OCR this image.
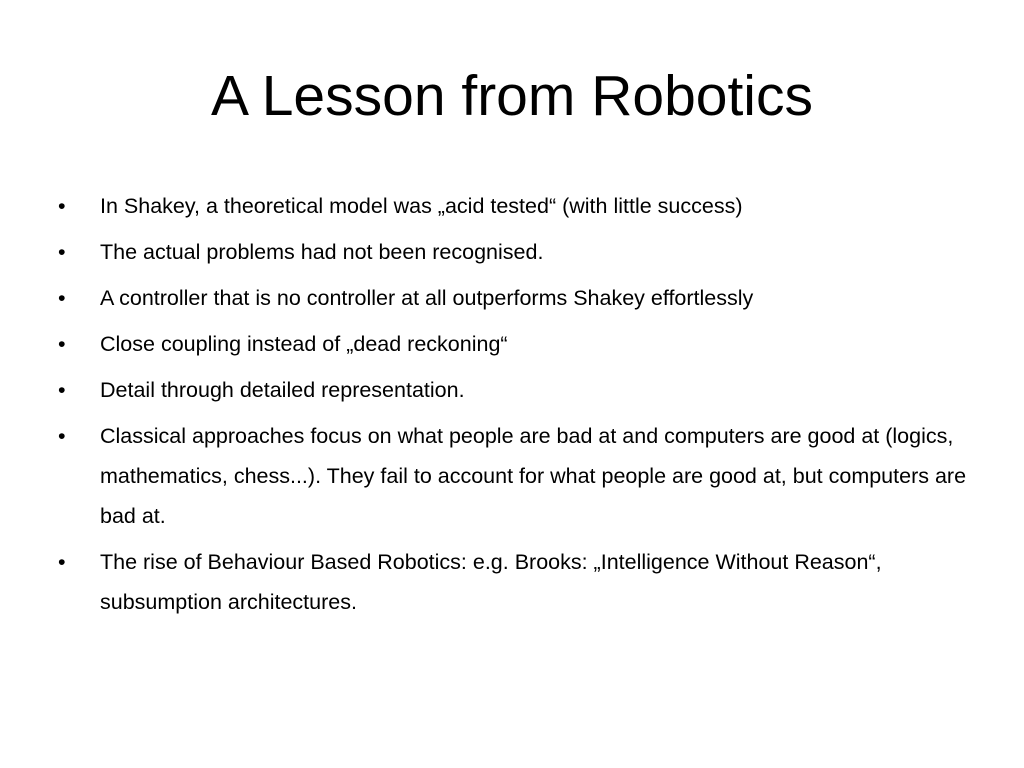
A Lesson from Robotics
•	In Shakey, a theoretical model was „acid tested“ (with little success)
•	The actual problems had not been recognised.
•	A controller that is no controller at all outperforms Shakey effortlessly
•	Close coupling instead of „dead reckoning“
•	Detail through detailed representation.
•	Classical approaches focus on what people are bad at and computers are good at (logics, mathematics, chess...). They fail to account for what people are good at, but computers are bad at.
•	The rise of Behaviour Based Robotics: e.g. Brooks: „Intelligence Without Reason“, subsumption architectures.
